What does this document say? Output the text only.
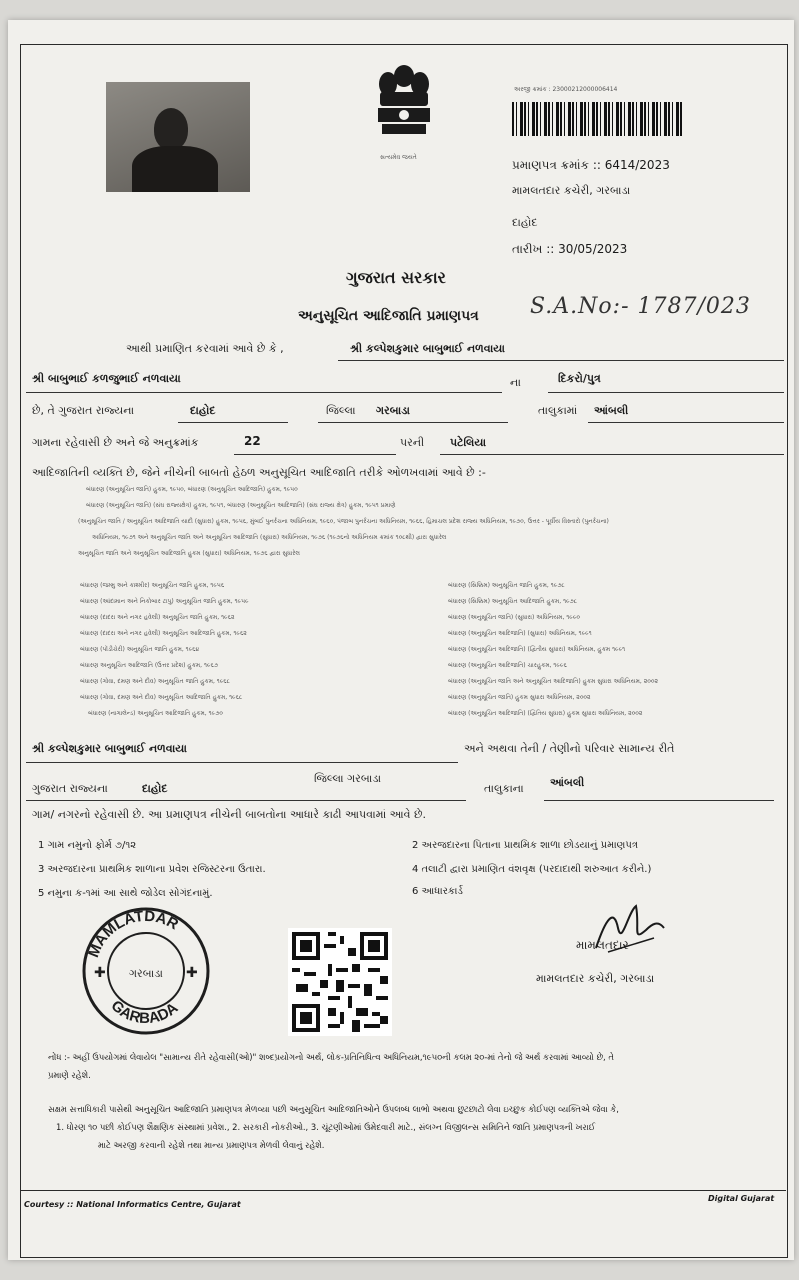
સત્યમેવ જયતે
અરજી ક્રમાંક : 23000212000006414
પ્રમાણપત્ર ક્રમાંક :: 6414/2023
મામલતદાર કચેરી, ગરબાડા
દાહોદ
તારીખ :: 30/05/2023
ગુજરાત સરકાર
અનુસૂચિત આદિજાતિ પ્રમાણપત્ર S.A.No:- 1787/023
આથી પ્રમાણિત કરવામાં આવે છે કે ,	શ્રી કલ્પેશકુમાર બાબુભાઈ નળવાયા
શ્રી બાબુભાઈ કળજુભાઈ નળવાયા	ના	દિકરો/પુત્ર
છે, તે ગુજરાત રાજ્યના	દાહોદ	જિલ્લા ગરબાડા	તાલુકામાં આંબલી
ગામના રહેવાસી છે અને જે અનુક્રમાંક	22	પરની પટેલિયા
આદિજાતિની વ્યક્તિ છે, જેને નીચેની બાબતો હેઠળ અનુસૂચિત આદિજાતિ તરીકે ઓળખવામાં આવે છે :-
બંધારણ (અનુસૂચિત જાતિ) હુકમ, ૧૯૫૦, બંધારણ (અનુસૂચિત આદિજાતિ) હુકમ, ૧૯૫૦
બંધારણ (અનુસૂચિત જાતિ) (સંઘ રાજ્યક્ષેત્ર) હુકમ, ૧૯૫૧, બંધારણ (અનુસૂચિત આદિજાતિ) (સંઘ રાજ્ય ક્ષેત્ર) હુકમ, ૧૯૫૧ પ્રમાણે
(અનુસૂચિત જાતિ / અનુસૂચિત આદિજાતિ યાદી (સુધારા) હુકમ, ૧૯૫૬, મુંબઈ પુનર્રચના અધિનિયમ, ૧૯૬૦, પંજાબ પુનર્રચના અધિનિયમ, ૧૯૬૬, હિમાચલ પ્રદેશ રાજ્ય અધિનિયમ, ૧૯૭૦, ઉત્તર - પૂર્વીય વિસ્તારો (પુનર્રચના)
અધિનિયમ, ૧૯૭૧ અને અનુસૂચિત જાતિ અને અનુસૂચિત આદિજાતિ (સુધારા) અધિનિયમ, ૧૯૭૬ (૧૯૭૬નો અધિનિયમ ક્રમાંક ૧૦૮થી) દ્વારા સુધારેલ
અનુસૂચિત જાતિ અને અનુસૂચિત આદિજાતિ હુકમ (સુધારા) અધિનિયમ, ૧૯૭૬ દ્વારા સુધારેલ
બંધારણ (જમ્મુ અને કાશ્મીર) અનુસૂચિત જાતિ હુકમ, ૧૯૫૬
બંધારણ (આંદામાન અને નિકોબાર ટાપુ) અનુસૂચિત જાતિ હુકમ, ૧૯૫૯
બંધારણ (દાદરા અને નગર હવેલી) અનુસૂચિત જાતિ હુકમ, ૧૯૬૨
બંધારણ (દાદરા અને નગર હવેલી) અનુસૂચિત આદિજાતિ હુકમ, ૧૯૬૨
બંધારણ (પોંડીચેરી) અનુસૂચિત જાતિ હુકમ, ૧૯૬૪
બંધારણ અનુસૂચિત આદિજાતિ (ઉત્તર પ્રદેશ) હુકમ, ૧૯૬૭
બંધારણ (ગોવા, દમણ અને દીવ) અનુસૂચિત જાતિ હુકમ, ૧૯૬૮
બંધારણ (ગોવા, દમણ અને દીવ) અનુસૂચિત આદિજાતિ હુકમ, ૧૯૬૮
બંધારણ (નાગાલેન્ડ) અનુસૂચિત આદિજાતિ હુકમ, ૧૯૭૦
બંધારણ (સિક્કિમ) અનુસૂચિત જાતિ હુકમ, ૧૯૭૮
બંધારણ (સિક્કિમ) અનુસૂચિત આદિજાતિ હુકમ, ૧૯૭૮
બંધારણ (અનુસૂચિત જાતિ) (સુધારા) અધિનિયમ, ૧૯૯૦
બંધારણ (અનુસૂચિત આદિજાતિ) (સુધારા) અધિનિયમ, ૧૯૯૧
બંધારણ (અનુસૂચિત આદિજાતિ) (દ્વિતીય સુધારા) અધિનિયમ, હુકમ ૧૯૯૧
બંધારણ (અનુસૂચિત આદિજાતિ) ચારહુકમ, ૧૯૯૬
બંધારણ (અનુસૂચિત જાતિ અને અનુસૂચિત આદિજાતિ) હુકમ સુધારા અધિનિયમ, ૨૦૦૨
બંધારણ (અનુસૂચિત જાતિ) હુકમ સુધારા અધિનિયમ, ૨૦૦૨
બંધારણ (અનુસૂચિત આદિજાતિ) (દ્વિતિય સુધારા) હુકમ સુધારા અધિનિયમ, ૨૦૦૨
શ્રી કલ્પેશકુમાર બાબુભાઈ નળવાયા	અને અથવા તેની / તેણીનો પરિવાર સામાન્ય રીતે
ગુજરાત રાજ્યના	દાહોદ
જિલ્લા ગરબાડા
તાલુકાના આંબલી
ગામ/ નગરનો રહેવાસી છે. આ પ્રમાણપત્ર નીચેની બાબતોના આધારે કાઢી આપવામાં આવે છે.
1 ગામ નમુનો ફોર્મ ૭/૧૨	2 અરજદારના પિતાના પ્રાથમિક શાળા છોડયાનું પ્રમાણપત્ર
3 અરજદારના પ્રાથમિક શાળાના પ્રવેશ રજિસ્ટરના ઉતારા.	4 તલાટી દ્વારા પ્રમાણિત વંશવૃક્ષ (પરદાદાથી શરુઆત કરીને.)
5 નમુના ક-૧માં આ સાથે જોડેલ સોગંદનામું.	6 આધારકાર્ડ
MAMLATDAR
GARBADA
ગરબાડા
✚	✚
મામલતદાર
મામલતદાર કચેરી, ગરબાડા
નોંધ :- અહીં ઉપયોગમાં લેવાયેલ "સામાન્ય રીતે રહેવાસી(ઓ)" શબ્દપ્રયોગનો અર્થ, લોક-પ્રતિનિધિત્વ અધિનિયમ,૧૯૫૦ની કલમ ૨૦-માં તેનો જે અર્થ કરવામાં આવ્યો છે, તે
પ્રમાણે રહેશે.
સક્ષમ સત્તાધિકારી પાસેથી અનુસૂચિત આદિજાતિ પ્રમાણપત્ર મેળવ્યા પછી અનુસૂચિત આદિજાતિઓને ઉપલબ્ધ લાભો અથવા છુટછાટો લેવા ઇચ્છુક કોઈપણ વ્યક્તિએ જેવા કે,
1. ધોરણ ૧૦ પછી કોઈપણ શૈક્ષણિક સંસ્થામાં પ્રવેશ., 2. સરકારી નોકરીઓ., 3. ચૂંટણીઓમાં ઉમેદવારી માટે., સંલગ્ન વિજીલન્સ સમિતિને જાતિ પ્રમાણપત્રની ખરાઈ
માટે અરજી કરવાની રહેશે તથા માન્ય પ્રમાણપત્ર મેળવી લેવાનું રહેશે.
Courtesy :: National Informatics Centre, Gujarat
Digital Gujarat
